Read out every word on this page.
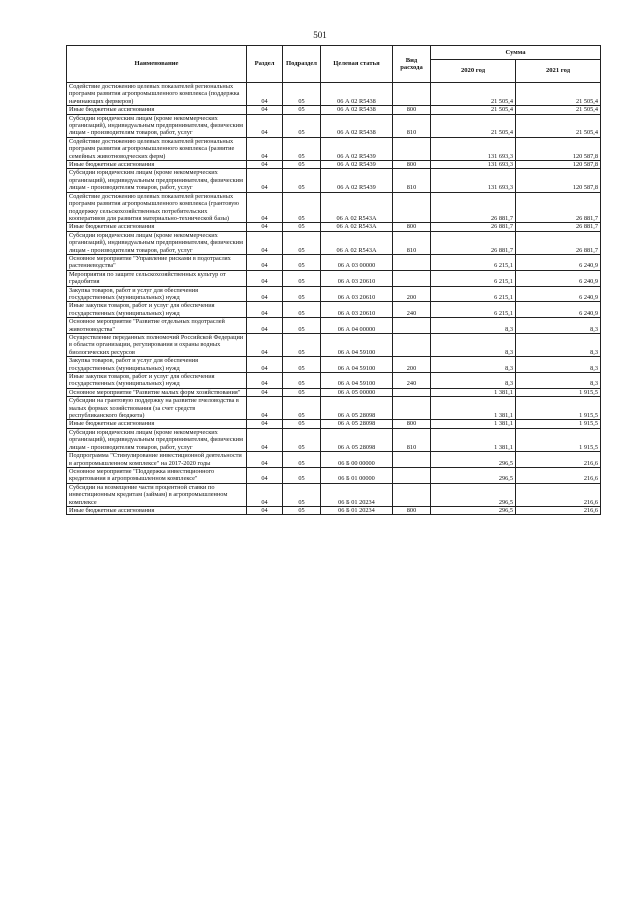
501
Наименование	Раздел	Подраздел	Целевая статья	Вид расхода	Сумма	
					2020 год	2021 год
Содействие достижению целевых показателей региональных программ развития агропромышленного комплекса (поддержка начинающих фермеров)	04	05	06 А 02 R5438		21 505,4	21 505,4
Иные бюджетные ассигнования	04	05	06 А 02 R5438	800	21 505,4	21 505,4
Субсидии юридическим лицам (кроме некоммерческих организаций), индивидуальным предпринимателям, физическим лицам - производителям товаров, работ, услуг	04	05	06 А 02 R5438	810	21 505,4	21 505,4
Содействие достижению целевых показателей региональных программ развития агропромышленного комплекса (развитие семейных животноводческих ферм)	04	05	06 А 02 R5439		131 693,3	120 587,8
Иные бюджетные ассигнования	04	05	06 А 02 R5439	800	131 693,3	120 587,8
Субсидии юридическим лицам (кроме некоммерческих организаций), индивидуальным предпринимателям, физическим лицам - производителям товаров, работ, услуг	04	05	06 А 02 R5439	810	131 693,3	120 587,8
Содействие достижению целевых показателей региональных программ развития агропромышленного комплекса (грантовую поддержку сельскохозяйственных потребительских кооперативов для развития материально-технической базы)	04	05	06 А 02 R543А		26 881,7	26 881,7
Иные бюджетные ассигнования	04	05	06 А 02 R543А	800	26 881,7	26 881,7
Субсидии юридическим лицам (кроме некоммерческих организаций), индивидуальным предпринимателям, физическим лицам - производителям товаров, работ, услуг	04	05	06 А 02 R543А	810	26 881,7	26 881,7
Основное мероприятие "Управление рисками в подотраслях растениеводства"	04	05	06 А 03 00000		6 215,1	6 240,9
Мероприятия по защите сельскохозяйственных культур от градобития	04	05	06 А 03 20610		6 215,1	6 240,9
Закупка товаров, работ и услуг для обеспечения государственных (муниципальных) нужд	04	05	06 А 03 20610	200	6 215,1	6 240,9
Иные закупки товаров, работ и услуг для обеспечения государственных (муниципальных) нужд	04	05	06 А 03 20610	240	6 215,1	6 240,9
Основное мероприятие "Развитие отдельных подотраслей животноводства"	04	05	06 А 04 00000		8,3	8,3
Осуществление переданных полномочий Российской Федерации в области организации, регулирования и охраны водных биологических ресурсов	04	05	06 А 04 59100		8,3	8,3
Закупка товаров, работ и услуг для обеспечения государственных (муниципальных) нужд	04	05	06 А 04 59100	200	8,3	8,3
Иные закупки товаров, работ и услуг для обеспечения государственных (муниципальных) нужд	04	05	06 А 04 59100	240	8,3	8,3
Основное мероприятие "Развитие малых форм хозяйствования"	04	05	06 А 05 00000		1 381,1	1 915,5
Субсидии на грантовую поддержку на развитие пчеловодства в малых формах хозяйствования (за счет средств республиканского бюджета)	04	05	06 А 05 28098		1 381,1	1 915,5
Иные бюджетные ассигнования	04	05	06 А 05 28098	800	1 381,1	1 915,5
Субсидии юридическим лицам (кроме некоммерческих организаций), индивидуальным предпринимателям, физическим лицам - производителям товаров, работ, услуг	04	05	06 А 05 28098	810	1 381,1	1 915,5
Подпрограмма "Стимулирование инвестиционной деятельности в агропромышленном комплексе" на 2017-2020 годы	04	05	06 Б 00 00000		296,5	216,6
Основное мероприятие "Поддержка инвестиционного кредитования в агропромышленном комплексе"	04	05	06 Б 01 00000		296,5	216,6
Субсидии на возмещение части процентной ставки по инвестиционным кредитам (займам) в агропромышленном комплексе	04	05	06 Б 01 20234		296,5	216,6
Иные бюджетные ассигнования	04	05	06 Б 01 20234	800	296,5	216,6
